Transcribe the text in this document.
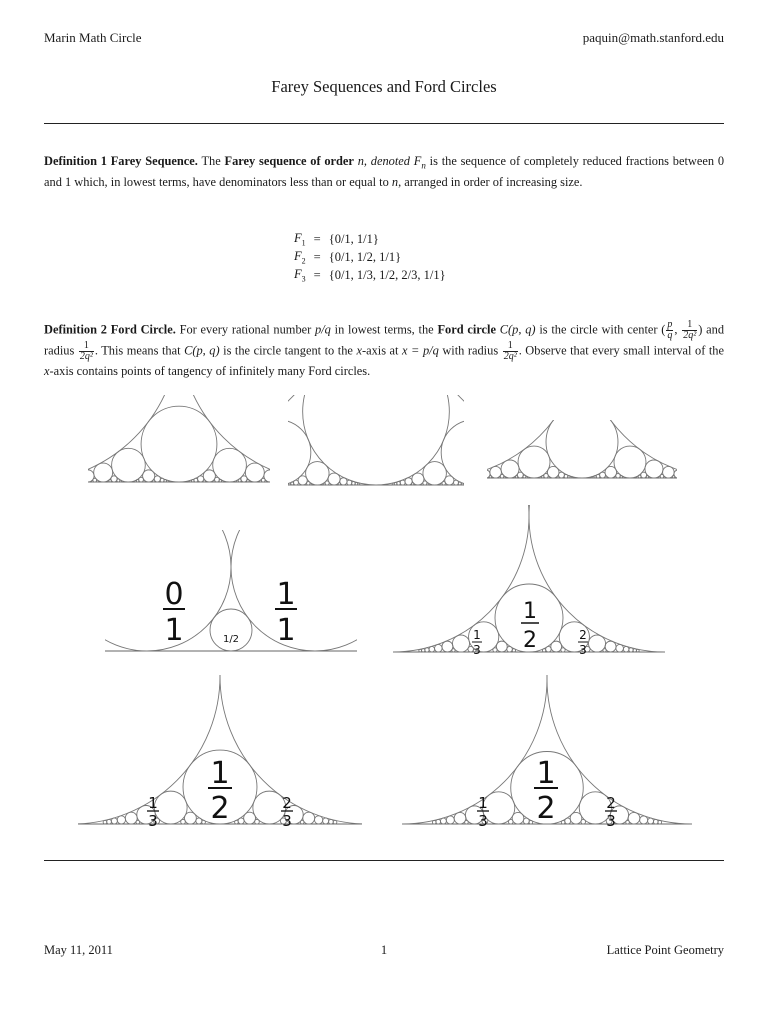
Marin Math Circle	paquin@math.stanford.edu
Farey Sequences and Ford Circles
Definition 1 Farey Sequence. The Farey sequence of order n, denoted $F_n$ is the sequence of completely reduced fractions between 0 and 1 which, in lowest terms, have denominators less than or equal to n, arranged in order of increasing size.
$F_1$	=	{0/1, 1/1}
$F_2$	=	{0/1, 1/2, 1/1}
$F_3$	=	{0/1, 1/3, 1/2, 2/3, 1/1}
Definition 2 Ford Circle. For every rational number p/q in lowest terms, the Ford circle C(p, q) is the circle with center ( $\frac{p}{q}$ , $\frac{1}{\text{2q²}}$ ) and radius $\frac{1}{\text{2q²}}$ . This means that C(p, q) is the circle tangent to the x-axis at x = p/q with radius $\frac{1}{\text{2q²}}$ . Observe that every small interval of the x-axis contains points of tangency of infinitely many Ford circles.
0
1
1
1
1
2
1
2
1
2
1
3
2
3
1
3
2
3
1
3
2
3
1/2
May 11, 2011	1	Lattice Point Geometry
